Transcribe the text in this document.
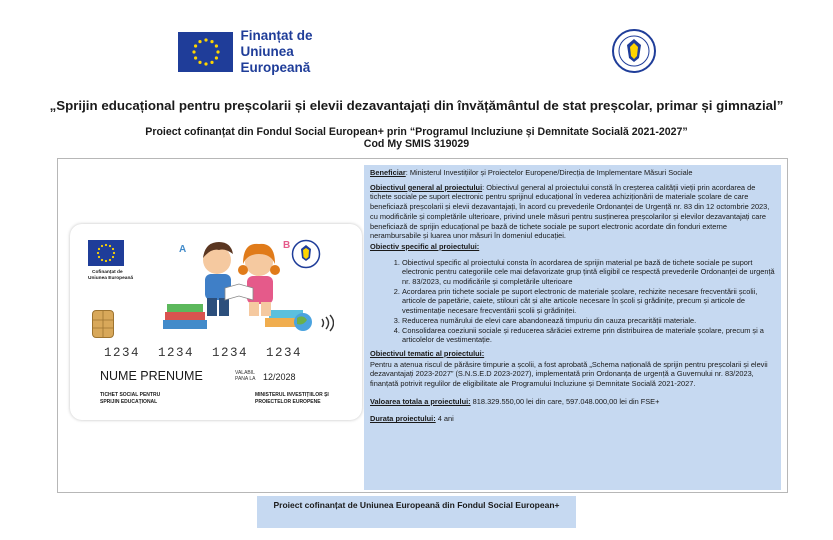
Finanțat de
Uniunea Europeană
„Sprijin educațional pentru preșcolarii și elevii dezavantajați din învățământul de stat preșcolar, primar și gimnazial”
Proiect cofinanțat din Fondul Social European+ prin “Programul Incluziune și Demnitate Socială 2021-2027”
Cod My SMIS 319029
Cofinanțat de
Uniunea Europeană
B
A
1234 1234 1234 1234
NUME PRENUME	VALABIL
PANA LA 12/2028
TICHET SOCIAL PENTRU
SPRIJIN EDUCAȚIONAL
MINISTERUL INVESTIȚIILOR ȘI
PROIECTELOR EUROPENE

Beneficiar: Ministerul Investițiilor și Proiectelor Europene/Direcția de Implementare Măsuri Sociale

Obiectivul general al proiectului: Obiectivul general al proiectului constă în creșterea calității vieții prin acordarea de tichete sociale pe suport electronic pentru sprijinul educațional în vederea achiziționării de materiale școlare de care beneficiază preșcolarii și elevii dezavantajați, în acord cu prevederile Ordonanței de Urgență nr. 83 din 12 octombrie 2023, cu modificările și completările ulterioare, privind unele măsuri pentru susținerea preșcolarilor și elevilor dezavantajați care beneficiază de sprijin educațional pe bază de tichete sociale pe suport electronic acordate din fonduri externe nerambursabile și luarea unor măsuri în domeniul educației.

Obiectiv specific al proiectului:

1. Obiectivul specific al proiectului consta în acordarea de sprijin material pe bază de tichete sociale pe suport electronic pentru categoriile cele mai defavorizate grup țintă eligibil ce respectă prevederile Ordonanței de urgență nr. 83/2023, cu modificările și completările ulterioare
2. Acordarea prin tichete sociale pe suport electronic de materiale școlare, rechizite necesare frecventării școlii, articole de papetărie, caiete, stilouri cât și alte articole necesare în școli și grădinițe, precum și articole de vestimentație necesare frecventării școlii și grădiniței.
3. Reducerea numărului de elevi care abandonează timpuriu din cauza precarității materiale.
4. Consolidarea coeziunii sociale și reducerea sărăciei extreme prin distribuirea de materiale școlare, precum și a articolelor de vestimentație.

Obiectivul tematic al proiectului:

Pentru a atenua riscul de părăsire timpurie a școlii, a fost aprobată „Schema națională de sprijin pentru preșcolarii și elevii dezavantajați 2023-2027” (S.N.S.E.D 2023-2027), implementată prin Ordonanța de urgență a Guvernului nr. 83/2023, finanțată potrivit regulilor de eligibilitate ale Programului Incluziune și Demnitate Socială 2021-2027.

Valoarea totala a proiectului: 818.329.550,00 lei din care, 597.048.000,00 lei din FSE+

Durata proiectului: 4 ani

Proiect cofinanțat de Uniunea Europeană din Fondul Social European+
